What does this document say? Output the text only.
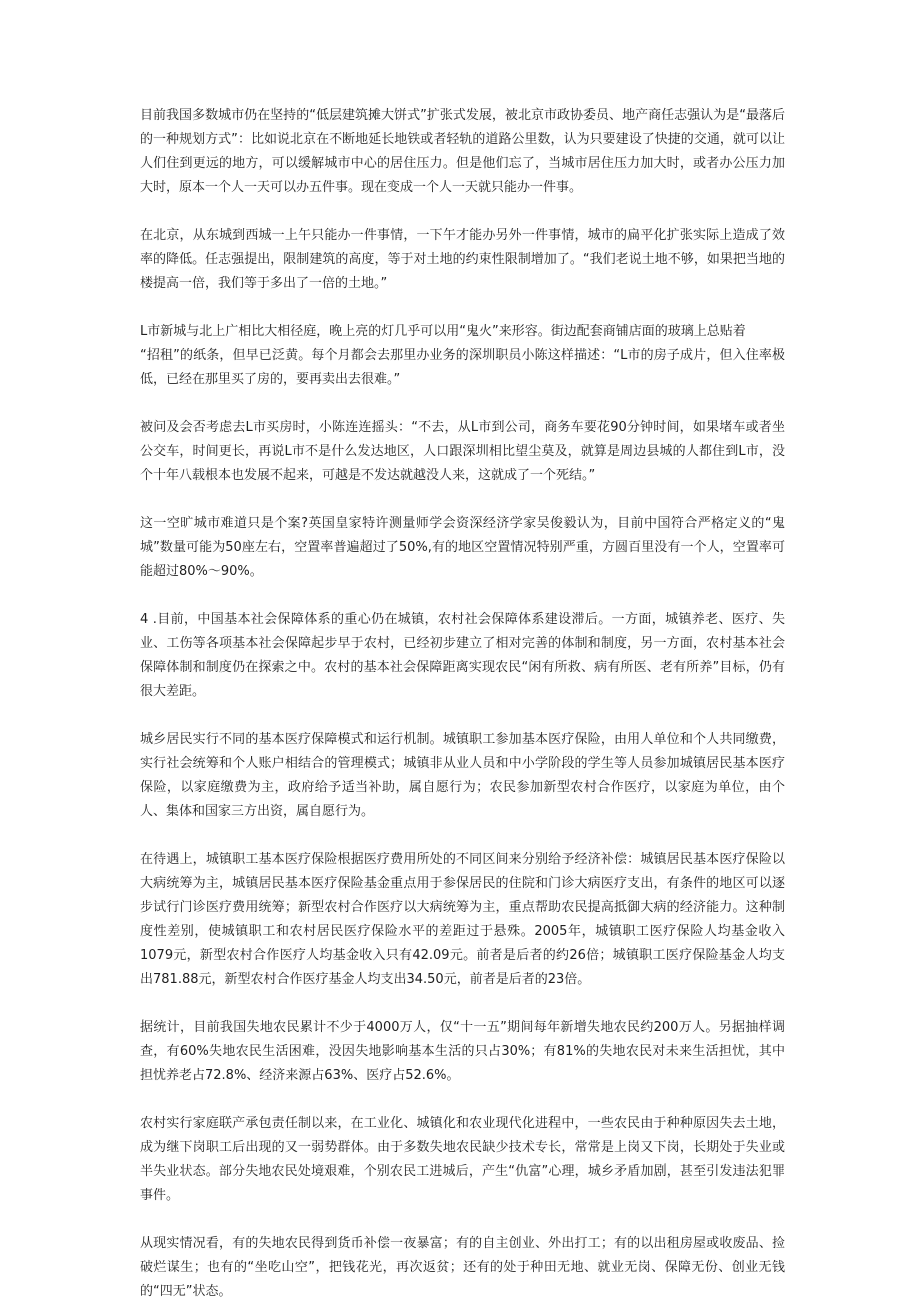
目前我国多数城市仍在坚持的“低层建筑摊大饼式”扩张式发展，被北京市政协委员、地产商任志强认为是“最落后的一种规划方式”：比如说北京在不断地延长地铁或者轻轨的道路公里数，认为只要建设了快捷的交通，就可以让人们住到更远的地方，可以缓解城市中心的居住压力。但是他们忘了，当城市居住压力加大时，或者办公压力加大时，原本一个人一天可以办五件事。现在变成一个人一天就只能办一件事。

在北京，从东城到西城一上午只能办一件事情，一下午才能办另外一件事情，城市的扁平化扩张实际上造成了效率的降低。任志强提出，限制建筑的高度，等于对土地的约束性限制增加了。“我们老说土地不够，如果把当地的楼提高一倍，我们等于多出了一倍的土地。”

L市新城与北上广相比大相径庭，晚上亮的灯几乎可以用“鬼火”来形容。街边配套商铺店面的玻璃上总贴着
“招租”的纸条，但早已泛黄。每个月都会去那里办业务的深圳职员小陈这样描述：“L市的房子成片，但入住率极低，已经在那里买了房的，要再卖出去很难。”

被问及会否考虑去L市买房时，小陈连连摇头：“不去，从L市到公司，商务车要花90分钟时间，如果堵车或者坐公交车，时间更长，再说L市不是什么发达地区，人口跟深圳相比望尘莫及，就算是周边县城的人都住到L市，没个十年八载根本也发展不起来，可越是不发达就越没人来，这就成了一个死结。”

这一空旷城市难道只是个案?英国皇家特许测量师学会资深经济学家吴俊毅认为，目前中国符合严格定义的“鬼城”数量可能为50座左右，空置率普遍超过了50%,有的地区空置情况特别严重，方圆百里没有一个人，空置率可能超过80%〜90%。

4 .目前，中国基本社会保障体系的重心仍在城镇，农村社会保障体系建设滞后。一方面，城镇养老、医疗、失业、工伤等各项基本社会保障起步早于农村，已经初步建立了相对完善的体制和制度，另一方面，农村基本社会保障体制和制度仍在探索之中。农村的基本社会保障距离实现农民“闲有所救、病有所医、老有所养”目标，仍有很大差距。

城乡居民实行不同的基本医疗保障模式和运行机制。城镇职工参加基本医疗保险，由用人单位和个人共同缴费，实行社会统筹和个人账户相结合的管理模式；城镇非从业人员和中小学阶段的学生等人员参加城镇居民基本医疗保险，以家庭缴费为主，政府给予适当补助，属自愿行为；农民参加新型农村合作医疗，以家庭为单位，由个人、集体和国家三方出资，属自愿行为。

在待遇上，城镇职工基本医疗保险根据医疗费用所处的不同区间来分别给予经济补偿：城镇居民基本医疗保险以大病统筹为主，城镇居民基本医疗保险基金重点用于参保居民的住院和门诊大病医疗支出，有条件的地区可以逐步试行门诊医疗费用统筹；新型农村合作医疗以大病统筹为主，重点帮助农民提高抵御大病的经济能力。这种制度性差别，使城镇职工和农村居民医疗保险水平的差距过于悬殊。2005年，城镇职工医疗保险人均基金收入1079元，新型农村合作医疗人均基金收入只有42.09元。前者是后者的约26倍；城镇职工医疗保险基金人均支出781.88元，新型农村合作医疗基金人均支出34.50元，前者是后者的23倍。

据统计，目前我国失地农民累计不少于4000万人，仅“十一五”期间每年新增失地农民约200万人。另据抽样调查，有60%失地农民生活困难，没因失地影响基本生活的只占30%；有81%的失地农民对未来生活担忧，其中担忧养老占72.8%、经济来源占63%、医疗占52.6%。

农村实行家庭联产承包责任制以来，在工业化、城镇化和农业现代化进程中，一些农民由于种种原因失去土地，成为继下岗职工后出现的又一弱势群体。由于多数失地农民缺少技术专长，常常是上岗又下岗，长期处于失业或半失业状态。部分失地农民处境艰难，个别农民工进城后，产生“仇富”心理，城乡矛盾加剧，甚至引发违法犯罪事件。

从现实情况看，有的失地农民得到货币补偿一夜暴富；有的自主创业、外出打工；有的以出租房屋或收废品、捡破烂谋生；也有的“坐吃山空”，把钱花光，再次返贫；还有的处于种田无地、就业无岗、保障无份、创业无钱的“四无”状态。
